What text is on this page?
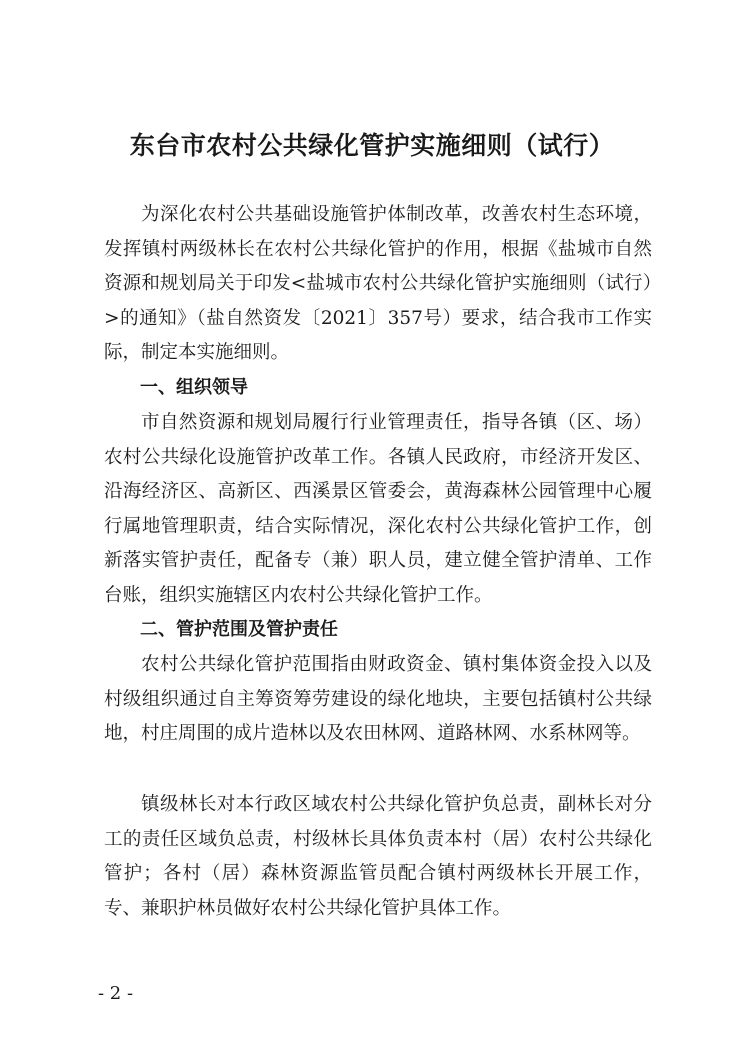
东台市农村公共绿化管护实施细则（试行）

为深化农村公共基础设施管护体制改革，改善农村生态环境，发挥镇村两级林长在农村公共绿化管护的作用，根据《盐城市自然资源和规划局关于印发<盐城市农村公共绿化管护实施细则（试行）>的通知》（盐自然资发〔2021〕357号）要求，结合我市工作实际，制定本实施细则。

一、组织领导

市自然资源和规划局履行行业管理责任，指导各镇（区、场）农村公共绿化设施管护改革工作。各镇人民政府，市经济开发区、沿海经济区、高新区、西溪景区管委会，黄海森林公园管理中心履行属地管理职责，结合实际情况，深化农村公共绿化管护工作，创新落实管护责任，配备专（兼）职人员，建立健全管护清单、工作台账，组织实施辖区内农村公共绿化管护工作。

二、管护范围及管护责任

农村公共绿化管护范围指由财政资金、镇村集体资金投入以及村级组织通过自主筹资筹劳建设的绿化地块，主要包括镇村公共绿地，村庄周围的成片造林以及农田林网、道路林网、水系林网等。

镇级林长对本行政区域农村公共绿化管护负总责，副林长对分工的责任区域负总责，村级林长具体负责本村（居）农村公共绿化管护；各村（居）森林资源监管员配合镇村两级林长开展工作，专、兼职护林员做好农村公共绿化管护具体工作。

- 2 -
